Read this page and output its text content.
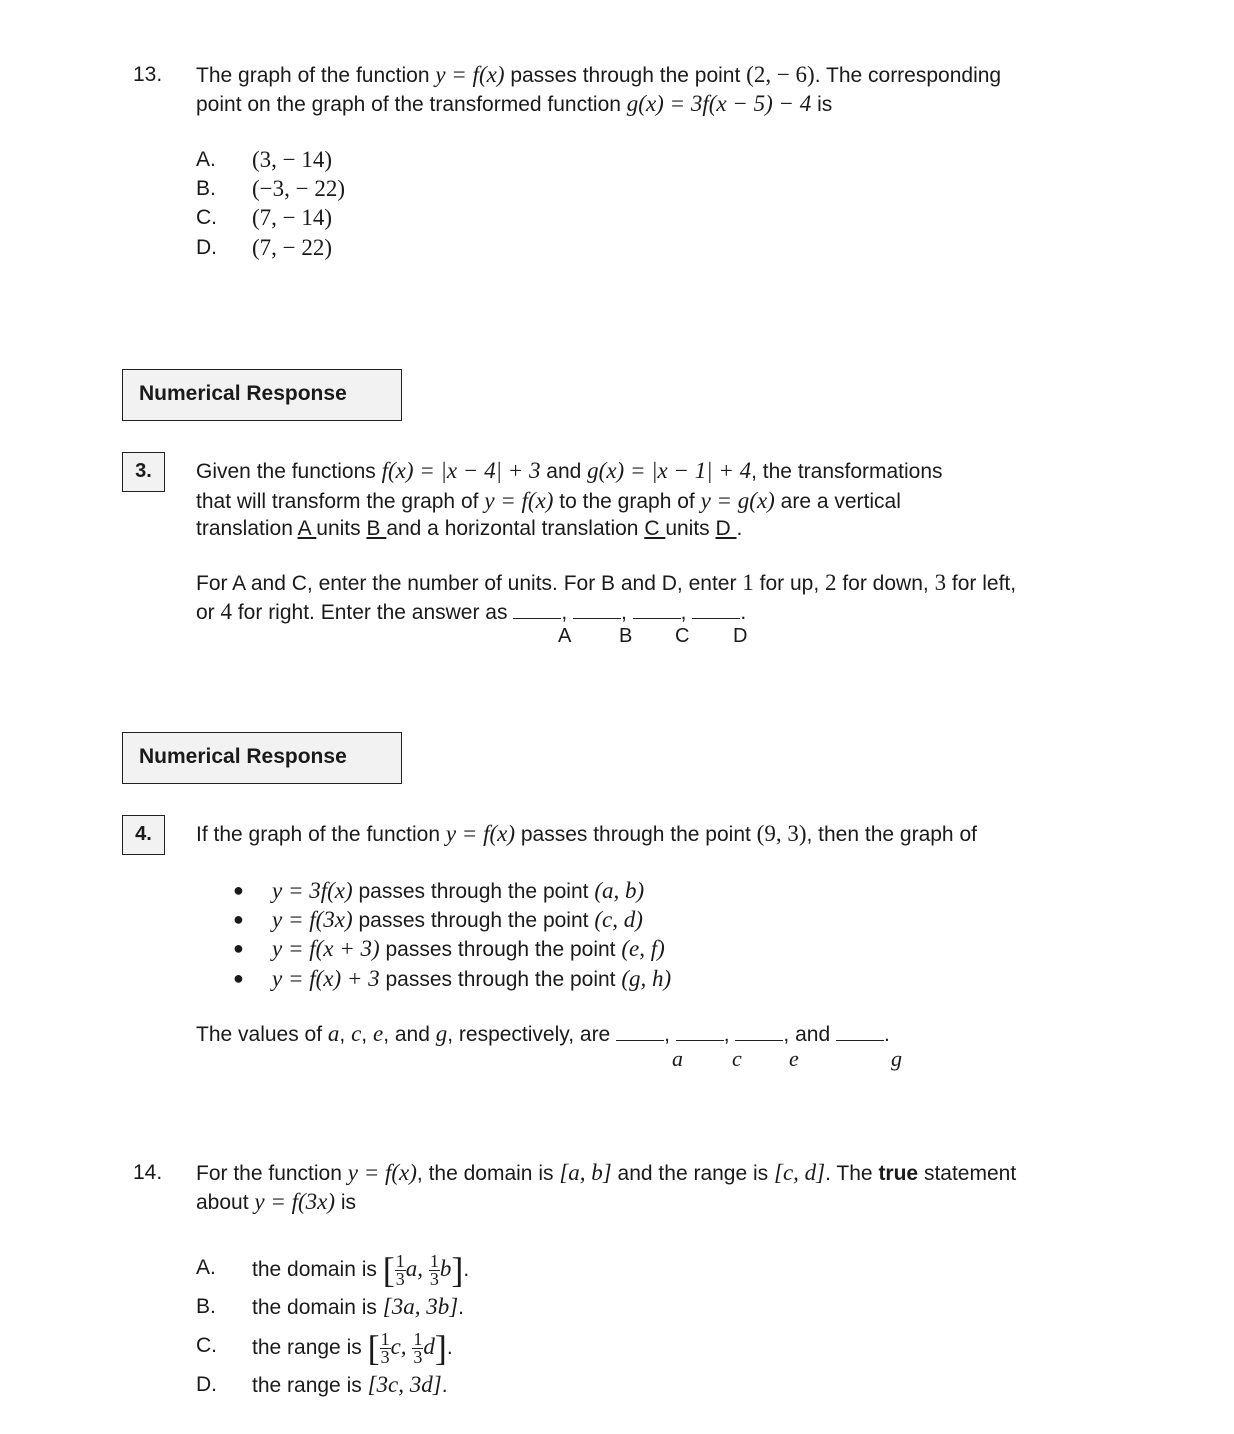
13. The graph of the function y = f(x) passes through the point (2, − 6). The corresponding
point on the graph of the transformed function g(x) = 3f(x − 5) − 4 is
A. (3, − 14)
B. (−3, − 22)
C. (7, − 14)
D. (7, − 22)
Numerical Response
3.	Given the functions f(x) = |x − 4| + 3 and g(x) = |x − 1| + 4, the transformations
that will transform the graph of y = f(x) to the graph of y = g(x) are a vertical
translation A units B and a horizontal translation C units D .
For A and C, enter the number of units. For B and D, enter 1 for up, 2 for down, 3 for left,
or 4 for right. Enter the answer as , , , .
A B C D
Numerical Response
4.	If the graph of the function y = f(x) passes through the point (9, 3), then the graph of
● y = 3f(x) passes through the point (a, b)
● y = f(3x) passes through the point (c, d)
● y = f(x + 3) passes through the point (e, f)
● y = f(x) + 3 passes through the point (g, h)
The values of a, c, e, and g, respectively, are , , , and	.
a c e	g
14. For the function y = f(x), the domain is [a, b] and the range is [c, d]. The true statement
about y = f(3x) is
A. the domain is [ $\frac{1}{3} a$, $\frac{1}{3} b$].
B. the domain is [3a, 3b].
C. the range is [ $\frac{1}{3} c$, $\frac{1}{3} d$].
D. the range is [3c, 3d].
